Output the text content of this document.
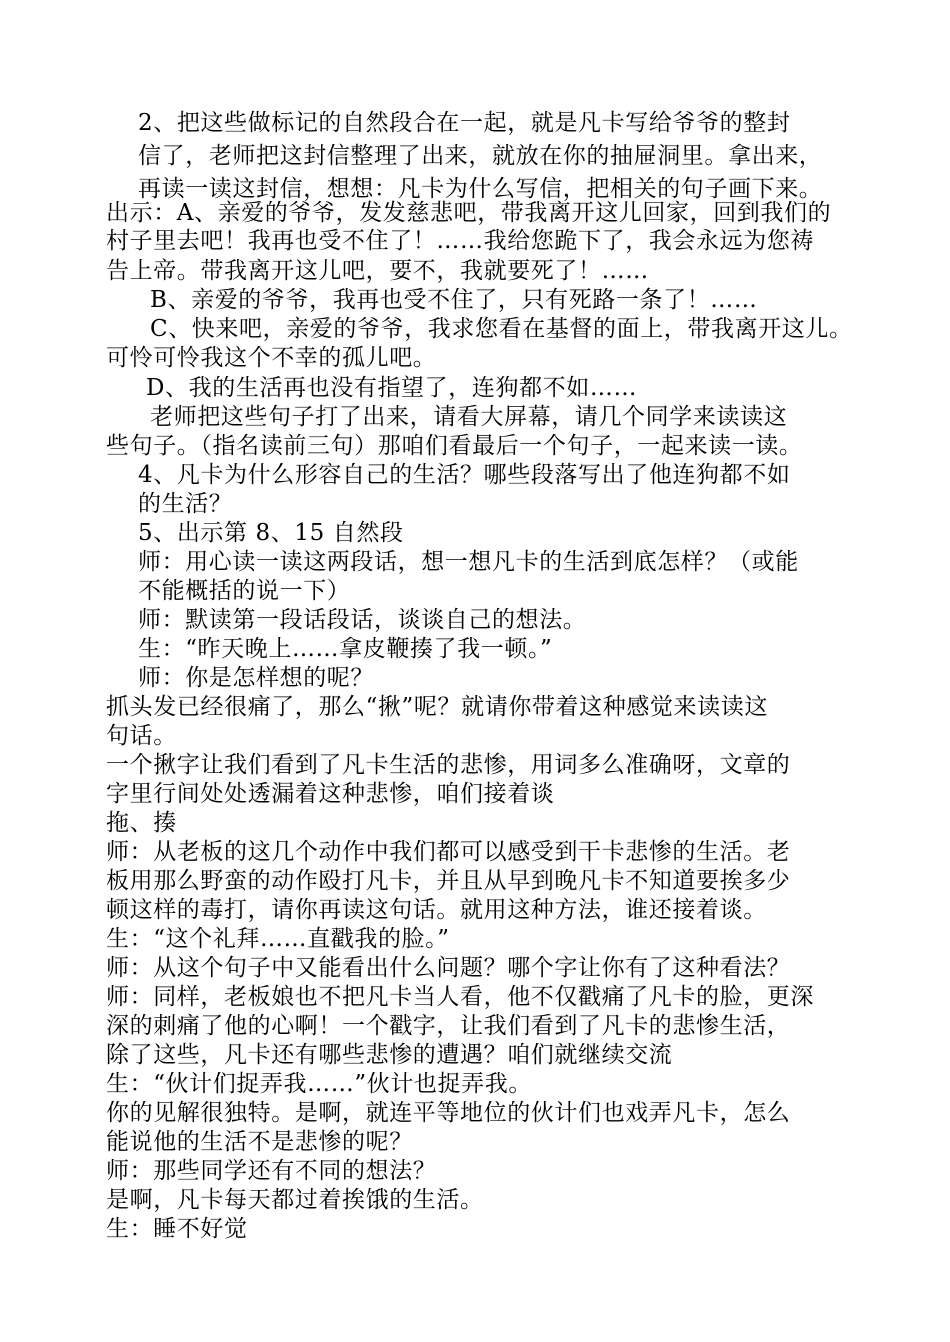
2、把这些做标记的自然段合在一起，就是凡卡写给爷爷的整封
信了，老师把这封信整理了出来，就放在你的抽屉洞里。拿出来，
再读一读这封信，想想：凡卡为什么写信，把相关的句子画下来。
出示：A、亲爱的爷爷，发发慈悲吧，带我离开这儿回家，回到我们的
村子里去吧！我再也受不住了！……我给您跪下了，我会永远为您祷
告上帝。带我离开这儿吧，要不，我就要死了！……
B、亲爱的爷爷，我再也受不住了，只有死路一条了！……
C、快来吧，亲爱的爷爷，我求您看在基督的面上，带我离开这儿。
可怜可怜我这个不幸的孤儿吧。
D、我的生活再也没有指望了，连狗都不如……
老师把这些句子打了出来，请看大屏幕，请几个同学来读读这
些句子。（指名读前三句）那咱们看最后一个句子，一起来读一读。
4、凡卡为什么形容自己的生活？哪些段落写出了他连狗都不如
的生活？
5、出示第 8、15 自然段
师：用心读一读这两段话，想一想凡卡的生活到底怎样？（或能
不能概括的说一下）
师：默读第一段话段话，谈谈自己的想法。
生：“昨天晚上……拿皮鞭揍了我一顿。”
师：你是怎样想的呢？
抓头发已经很痛了，那么“揪”呢？就请你带着这种感觉来读读这
句话。
一个揪字让我们看到了凡卡生活的悲惨，用词多么准确呀，文章的
字里行间处处透漏着这种悲惨，咱们接着谈
拖、揍
师：从老板的这几个动作中我们都可以感受到干卡悲惨的生活。老
板用那么野蛮的动作殴打凡卡，并且从早到晚凡卡不知道要挨多少
顿这样的毒打，请你再读这句话。就用这种方法，谁还接着谈。
生：“这个礼拜……直戳我的脸。”
师：从这个句子中又能看出什么问题？哪个字让你有了这种看法？
师：同样，老板娘也不把凡卡当人看，他不仅戳痛了凡卡的脸，更深
深的刺痛了他的心啊！一个戳字，让我们看到了凡卡的悲惨生活，
除了这些，凡卡还有哪些悲惨的遭遇？咱们就继续交流
生：“伙计们捉弄我……”伙计也捉弄我。
你的见解很独特。是啊，就连平等地位的伙计们也戏弄凡卡，怎么
能说他的生活不是悲惨的呢？
师：那些同学还有不同的想法？
是啊，凡卡每天都过着挨饿的生活。
生：睡不好觉
